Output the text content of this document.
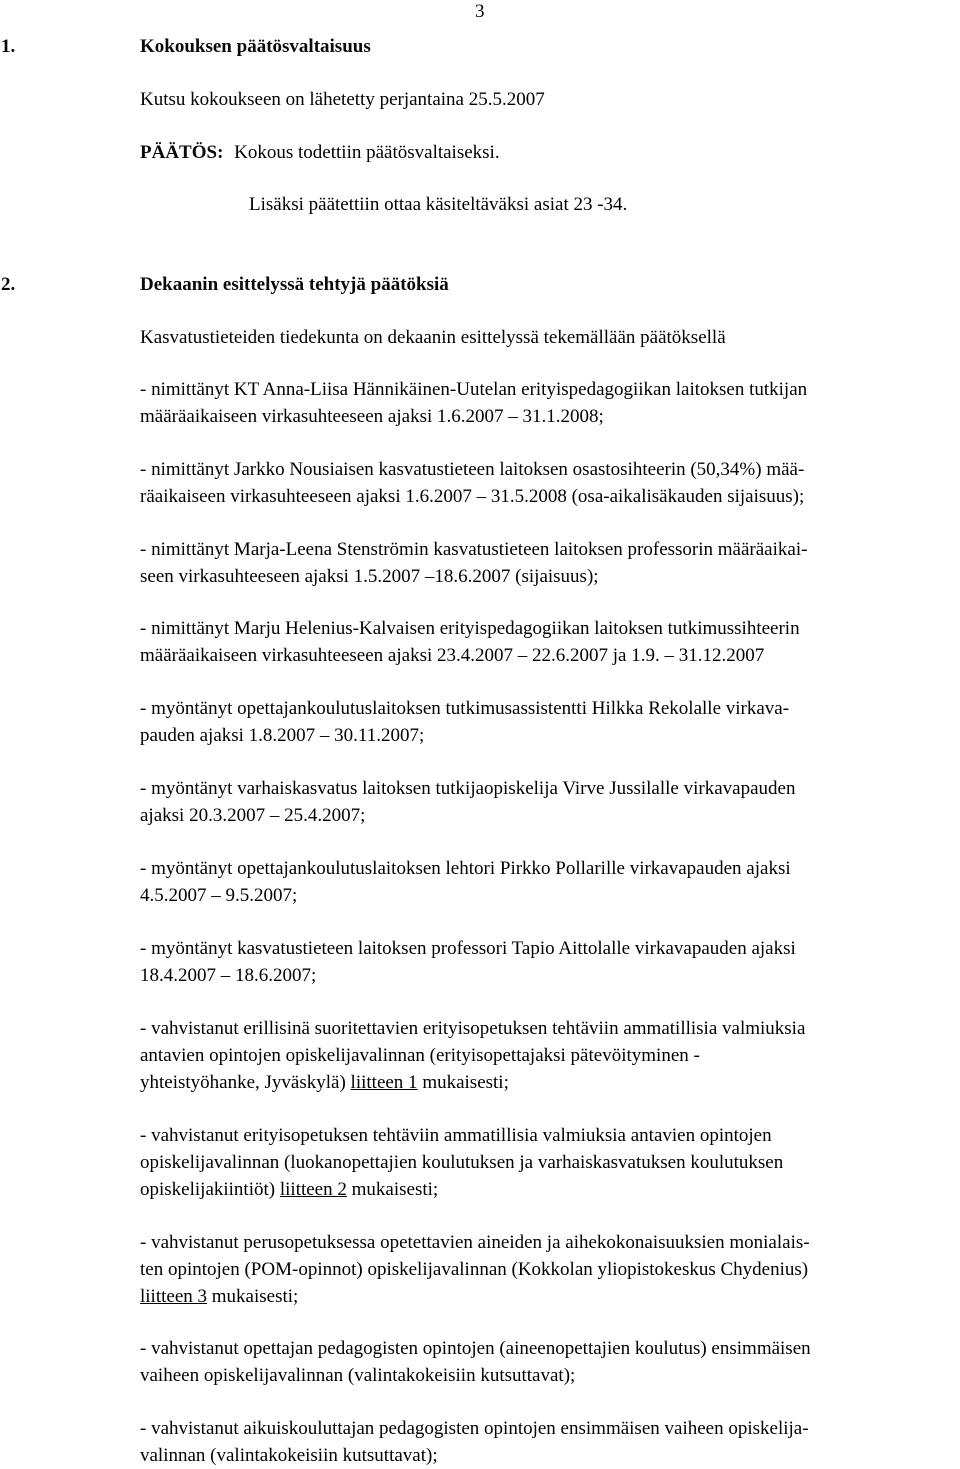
3
1.	Kokouksen päätösvaltaisuus
Kutsu kokoukseen on lähetetty perjantaina 25.5.2007
PÄÄTÖS: Kokous todettiin päätösvaltaiseksi.
Lisäksi päätettiin ottaa käsiteltäväksi asiat 23 -34.
2.	Dekaanin esittelyssä tehtyjä päätöksiä
Kasvatustieteiden tiedekunta on dekaanin esittelyssä tekemällään päätöksellä
- nimittänyt KT Anna-Liisa Hännikäinen-Uutelan erityispedagogiikan laitoksen tutkijan
määräaikaiseen virkasuhteeseen ajaksi 1.6.2007 – 31.1.2008;
- nimittänyt Jarkko Nousiaisen kasvatustieteen laitoksen osastosihteerin (50,34%) mää-
räaikaiseen virkasuhteeseen ajaksi 1.6.2007 – 31.5.2008 (osa-aikalisäkauden sijaisuus);
- nimittänyt Marja-Leena Stenströmin kasvatustieteen laitoksen professorin määräaikai-
seen virkasuhteeseen ajaksi 1.5.2007 –18.6.2007 (sijaisuus);
- nimittänyt Marju Helenius-Kalvaisen erityispedagogiikan laitoksen tutkimussihteerin
määräaikaiseen virkasuhteeseen ajaksi 23.4.2007 – 22.6.2007 ja 1.9. – 31.12.2007
- myöntänyt opettajankoulutuslaitoksen tutkimusassistentti Hilkka Rekolalle virkava-
pauden ajaksi 1.8.2007 – 30.11.2007;
- myöntänyt varhaiskasvatus laitoksen tutkijaopiskelija Virve Jussilalle virkavapauden
ajaksi 20.3.2007 – 25.4.2007;
- myöntänyt opettajankoulutuslaitoksen lehtori Pirkko Pollarille virkavapauden ajaksi
4.5.2007 – 9.5.2007;
- myöntänyt kasvatustieteen laitoksen professori Tapio Aittolalle virkavapauden ajaksi
18.4.2007 – 18.6.2007;
- vahvistanut erillisinä suoritettavien erityisopetuksen tehtäviin ammatillisia valmiuksia
antavien opintojen opiskelijavalinnan (erityisopettajaksi pätevöityminen -
yhteistyöhanke, Jyväskylä) liitteen 1 mukaisesti;
- vahvistanut erityisopetuksen tehtäviin ammatillisia valmiuksia antavien opintojen
opiskelijavalinnan (luokanopettajien koulutuksen ja varhaiskasvatuksen koulutuksen
opiskelijakiintiöt) liitteen 2 mukaisesti;
- vahvistanut perusopetuksessa opetettavien aineiden ja aihekokonaisuuksien monialais-
ten opintojen (POM-opinnot) opiskelijavalinnan (Kokkolan yliopistokeskus Chydenius)
liitteen 3 mukaisesti;
- vahvistanut opettajan pedagogisten opintojen (aineenopettajien koulutus) ensimmäisen
vaiheen opiskelijavalinnan (valintakokeisiin kutsuttavat);
- vahvistanut aikuiskouluttajan pedagogisten opintojen ensimmäisen vaiheen opiskelija-
valinnan (valintakokeisiin kutsuttavat);
